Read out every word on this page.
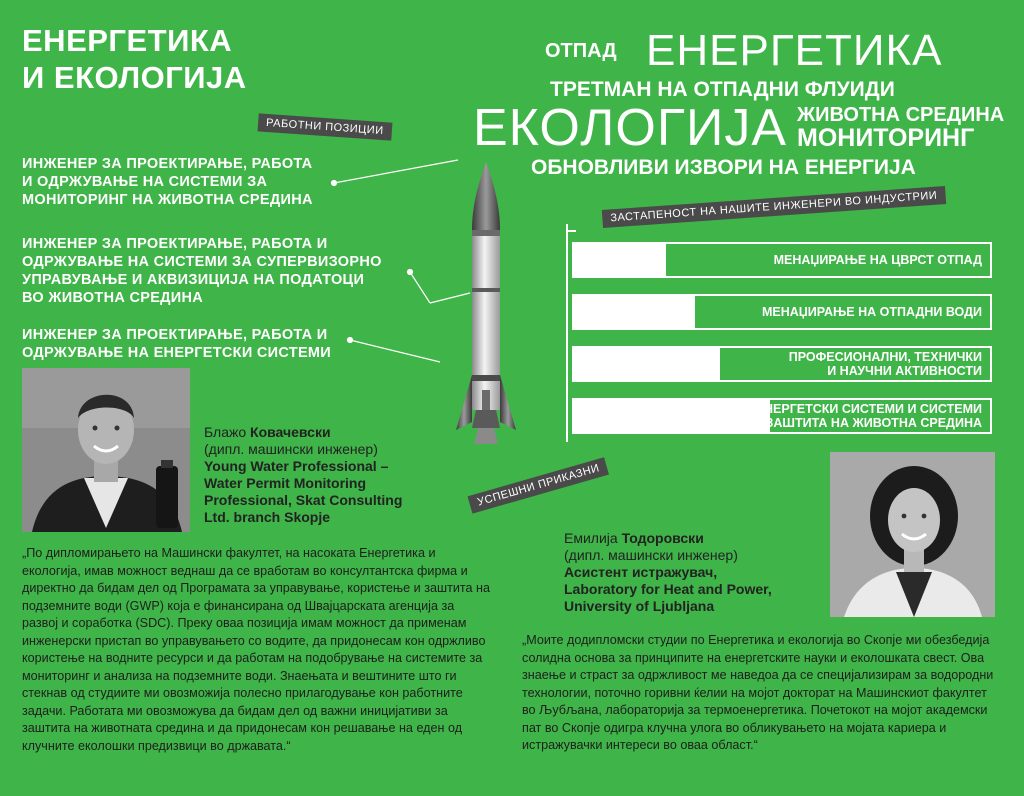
ЕНЕРГЕТИКА
И ЕКОЛОГИЈА
ОТПАД ЕНЕРГЕТИКА
ТРЕТМАН НА ОТПАДНИ ФЛУИДИ
ЕКОЛОГИЈА ЖИВОТНА СРЕДИНА
МОНИТОРИНГ
ОБНОВЛИВИ ИЗВОРИ НА ЕНЕРГИЈА
РАБОТНИ ПОЗИЦИИ
ИНЖЕНЕР ЗА ПРОЕКТИРАЊЕ, РАБОТА
И ОДРЖУВАЊЕ НА СИСТЕМИ ЗА
МОНИТОРИНГ НА ЖИВОТНА СРЕДИНА
ИНЖЕНЕР ЗА ПРОЕКТИРАЊЕ, РАБОТА И
ОДРЖУВАЊЕ НА СИСТЕМИ ЗА СУПЕРВИЗОРНО
УПРАВУВАЊЕ И АКВИЗИЦИЈА НА ПОДАТОЦИ
ВО ЖИВОТНА СРЕДИНА
ИНЖЕНЕР ЗА ПРОЕКТИРАЊЕ, РАБОТА И
ОДРЖУВАЊЕ НА ЕНЕРГЕТСКИ СИСТЕМИ
ЗАСТАПЕНОСТ НА НАШИТЕ ИНЖЕНЕРИ ВО ИНДУСТРИИ
МЕНАЏИРАЊЕ НА ЦВРСТ ОТПАД
МЕНАЏИРАЊЕ НА ОТПАДНИ ВОДИ
ПРОФЕСИОНАЛНИ, ТЕХНИЧКИ
И НАУЧНИ АКТИВНОСТИ
ЕНЕРГЕТСКИ СИСТЕМИ И СИСТЕМИ
ЗА ЗАШТИТА НА ЖИВОТНА СРЕДИНА
УСПЕШНИ ПРИКАЗНИ
Блажо Ковачевски
(дипл. машински инженер)
Young Water Professional –
Water Permit Monitoring
Professional, Skat Consulting
Ltd. branch Skopje
„По дипломирањето на Машински факултет, на насоката Енергетика и екологија, имав можност веднаш да се вработам во консултантска фирма и директно да бидам дел од Програмата за управување, користење и заштита на подземните води (GWP) која е финансирана од Швајцарската агенција за развој и соработка (SDC). Преку оваа позиција имам можност да применам инженерски пристап во управувањето со водите, да придонесам кон одржливо користење на водните ресурси и да работам на подобрување на системите за мониторинг и анализа на подземните води. Знаењата и вештините што ги стекнав од студиите ми овозможија полесно прилагодување кон работните задачи. Работата ми овозможува да бидам дел од важни иницијативи за заштита на животната средина и да придонесам кон решавање на еден од клучните еколошки предизвици во државата.“
Емилија Тодоровски
(дипл. машински инженер)
Асистент истражувач,
Laboratory for Heat and Power,
University of Ljubljana
„Моите додипломски студии по Енергетика и екологија во Скопје ми обезбедија солидна основа за принципите на енергетските науки и еколошката свест. Ова знаење и страст за одржливост ме наведоа да се специјализирам за водородни технологии, поточно горивни ќелии на мојот докторат на Машинскиот факултет во Љубљана, лабораторија за термоенергетика. Почетокот на мојот академски пат во Скопје одигра клучна улога во обликувањето на мојата кариера и истражувачки интереси во оваа област.“
